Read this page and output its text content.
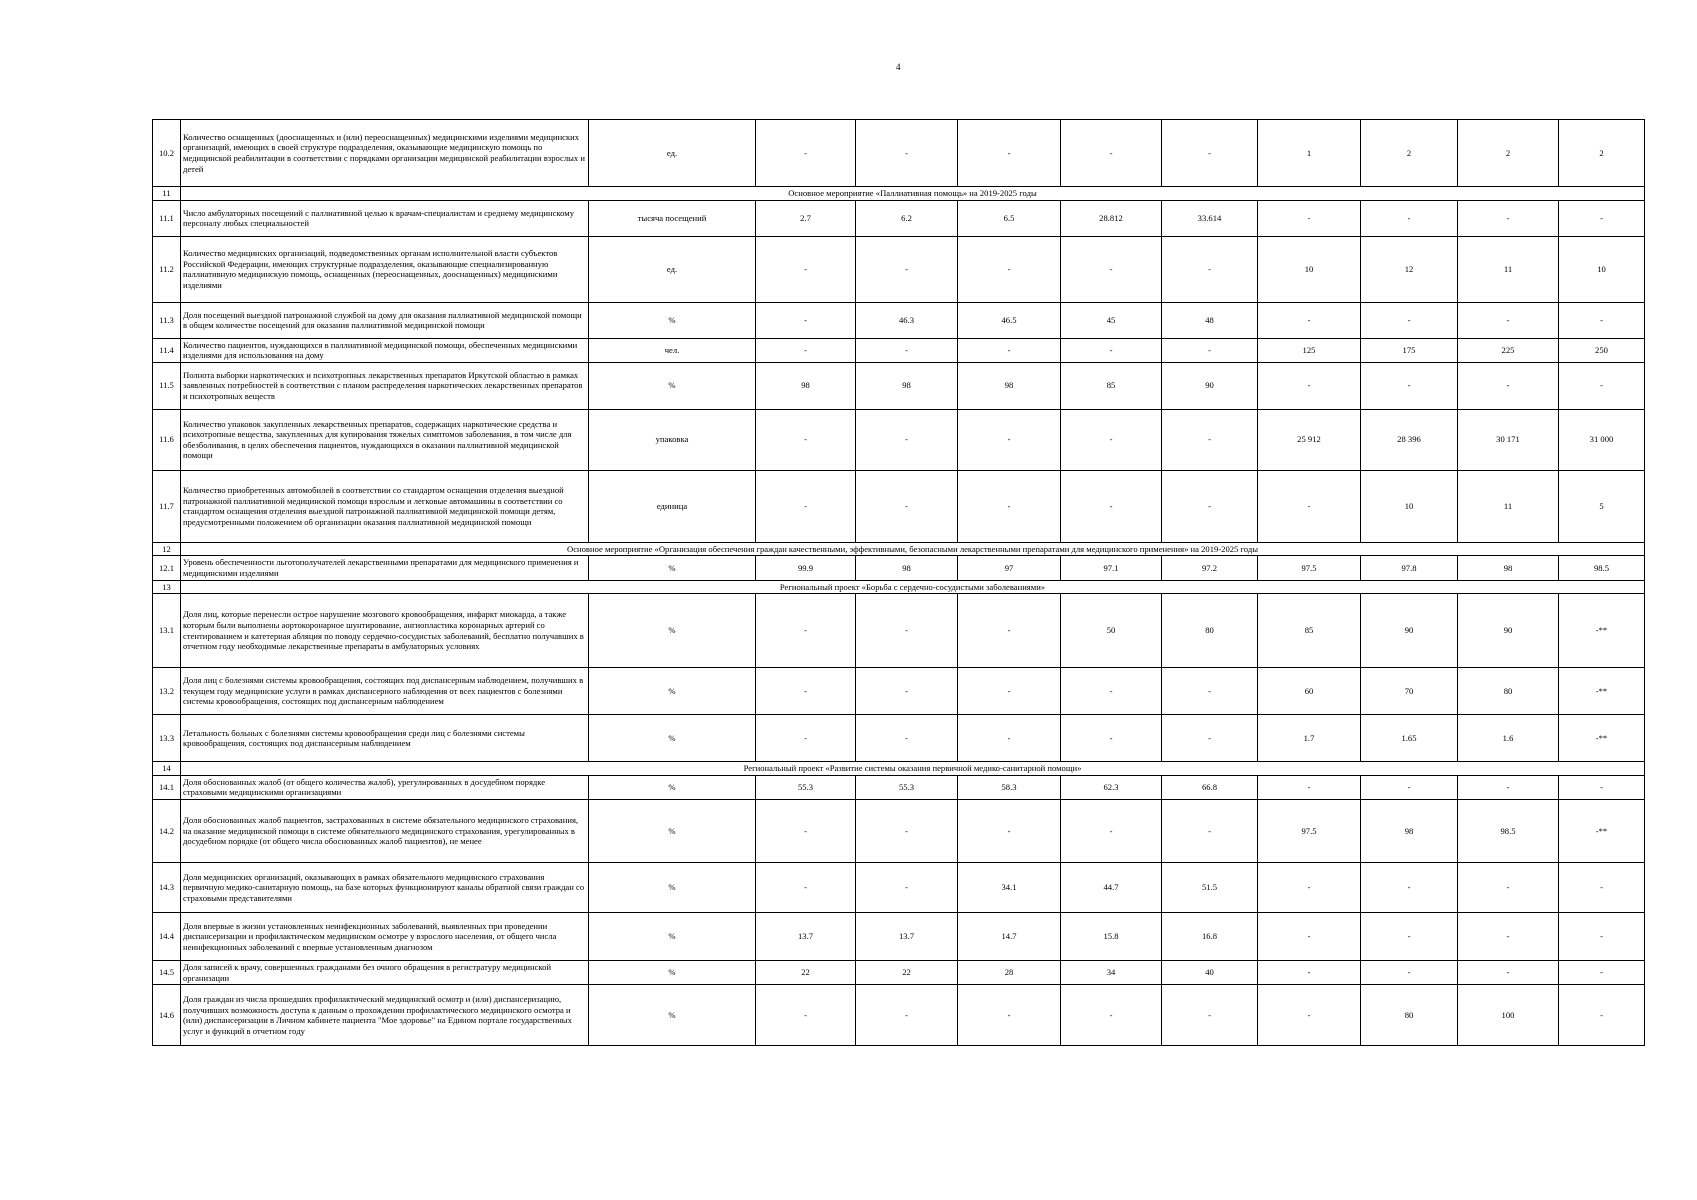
4
10.2	Количество оснащенных (дооснащенных и (или) переоснащенных) медицинскими изделиями медицинских организаций, имеющих в своей структуре подразделения, оказывающие медицинскую помощь по медицинской реабилитации в соответствии с порядками организации медицинской реабилитации взрослых и детей	ед.	-	-	-	-	-	1	2	2	2
11	Основное мероприятие «Паллиативная помощь» на 2019-2025 годы										
11.1	Число амбулаторных посещений с паллиативной целью к врачам-специалистам и среднему медицинскому персоналу любых специальностей	тысяча посещений	2.7	6.2	6.5	28.812	33.614	-	-	-	-
11.2	Количество медицинских организаций, подведомственных органам исполнительной власти субъектов Российской Федерации, имеющих структурные подразделения, оказывающие специализированную паллиативную медицинскую помощь, оснащенных (переоснащенных, дооснащенных) медицинскими изделиями	ед.	-	-	-	-	-	10	12	11	10
11.3	Доля посещений выездной патронажной службой на дому для оказания паллиативной медицинской помощи в общем количестве посещений для оказания паллиативной медицинской помощи	%	-	46.3	46.5	45	48	-	-	-	-
11.4	Количество пациентов, нуждающихся в паллиативной медицинской помощи, обеспеченных медицинскими изделиями для использования на дому	чел.	-	-	-	-	-	125	175	225	250
11.5	Полнота выборки наркотических и психотропных лекарственных препаратов Иркутской областью в рамках заявленных потребностей в соответствии с планом распределения наркотических лекарственных препаратов и психотропных веществ	%	98	98	98	85	90	-	-	-	-
11.6	Количество упаковок закупленных лекарственных препаратов, содержащих наркотические средства и психотропные вещества, закупленных для купирования тяжелых симптомов заболевания, в том числе для обезболивания, в целях обеспечения пациентов, нуждающихся в оказании паллиативной медицинской помощи	упаковка	-	-	-	-	-	25 912	28 396	30 171	31 000
11.7	Количество приобретенных автомобилей в соответствии со стандартом оснащения отделения выездной патронажной паллиативной медицинской помощи взрослым и легковые автомашины в соответствии со стандартом оснащения отделения выездной патронажной паллиативной медицинской помощи детям, предусмотренными положением об организации оказания паллиативной медицинской помощи	единица	-	-	-	-	-	-	10	11	5
12	Основное мероприятие «Организация обеспечения граждан качественными, эффективными, безопасными лекарственными препаратами для медицинского применения» на 2019-2025 годы										
12.1	Уровень обеспеченности льготополучателей лекарственными препаратами для медицинского применения и медицинскими изделиями	%	99.9	98	97	97.1	97.2	97.5	97.8	98	98.5
13	Региональный проект «Борьба с сердечно-сосудистыми заболеваниями»										
13.1	Доля лиц, которые перенесли острое нарушение мозгового кровообращения, инфаркт миокарда, а также которым были выполнены аортокоронарное шунтирование, ангиопластика коронарных артерий со стентированием и катетерная абляция по поводу сердечно-сосудистых заболеваний, бесплатно получавших в отчетном году необходимые лекарственные препараты в амбулаторных условиях	%	-	-	-	50	80	85	90	90	-**
13.2	Доля лиц с болезнями системы кровообращения, состоящих под диспансерным наблюдением, получивших в текущем году медицинские услуги в рамках диспансерного наблюдения от всех пациентов с болезнями системы кровообращения, состоящих под диспансерным наблюдением	%	-	-	-	-	-	60	70	80	-**
13.3	Летальность больных с болезнями системы кровообращения среди лиц с болезнями системы кровообращения, состоящих под диспансерным наблюдением	%	-	-	-	-	-	1.7	1.65	1.6	-**
14	Региональный проект «Развитие системы оказания первичной медико-санитарной помощи»										
14.1	Доля обоснованных жалоб (от общего количества жалоб), урегулированных в досудебном порядке страховыми медицинскими организациями	%	55.3	55.3	58.3	62.3	66.8	-	-	-	-
14.2	Доля обоснованных жалоб пациентов, застрахованных в системе обязательного медицинского страхования, на оказание медицинской помощи в системе обязательного медицинского страхования, урегулированных в досудебном порядке (от общего числа обоснованных жалоб пациентов), не менее	%	-	-	-	-	-	97.5	98	98.5	-**
14.3	Доля медицинских организаций, оказывающих в рамках обязательного медицинского страхования первичную медико-санитарную помощь, на базе которых функционируют каналы обратной связи граждан со страховыми представителями	%	-	-	34.1	44.7	51.5	-	-	-	-
14.4	Доля впервые в жизни установленных неинфекционных заболеваний, выявленных при проведении диспансеризации и профилактическом медицинском осмотре у взрослого населения, от общего числа неинфекционных заболеваний с впервые установленным диагнозом	%	13.7	13.7	14.7	15.8	16.8	-	-	-	-
14.5	Доля записей к врачу, совершенных гражданами без очного обращения в регистратуру медицинской организации	%	22	22	28	34	40	-	-	-	-
14.6	Доля граждан из числа прошедших профилактический медицинский осмотр и (или) диспансеризацию, получивших возможность доступа к данным о прохождении профилактического медицинского осмотра и (или) диспансеризации в Личном кабинете пациента "Мое здоровье" на Едином портале государственных услуг и функций в отчетном году	%	-	-	-	-	-	-	80	100	-
